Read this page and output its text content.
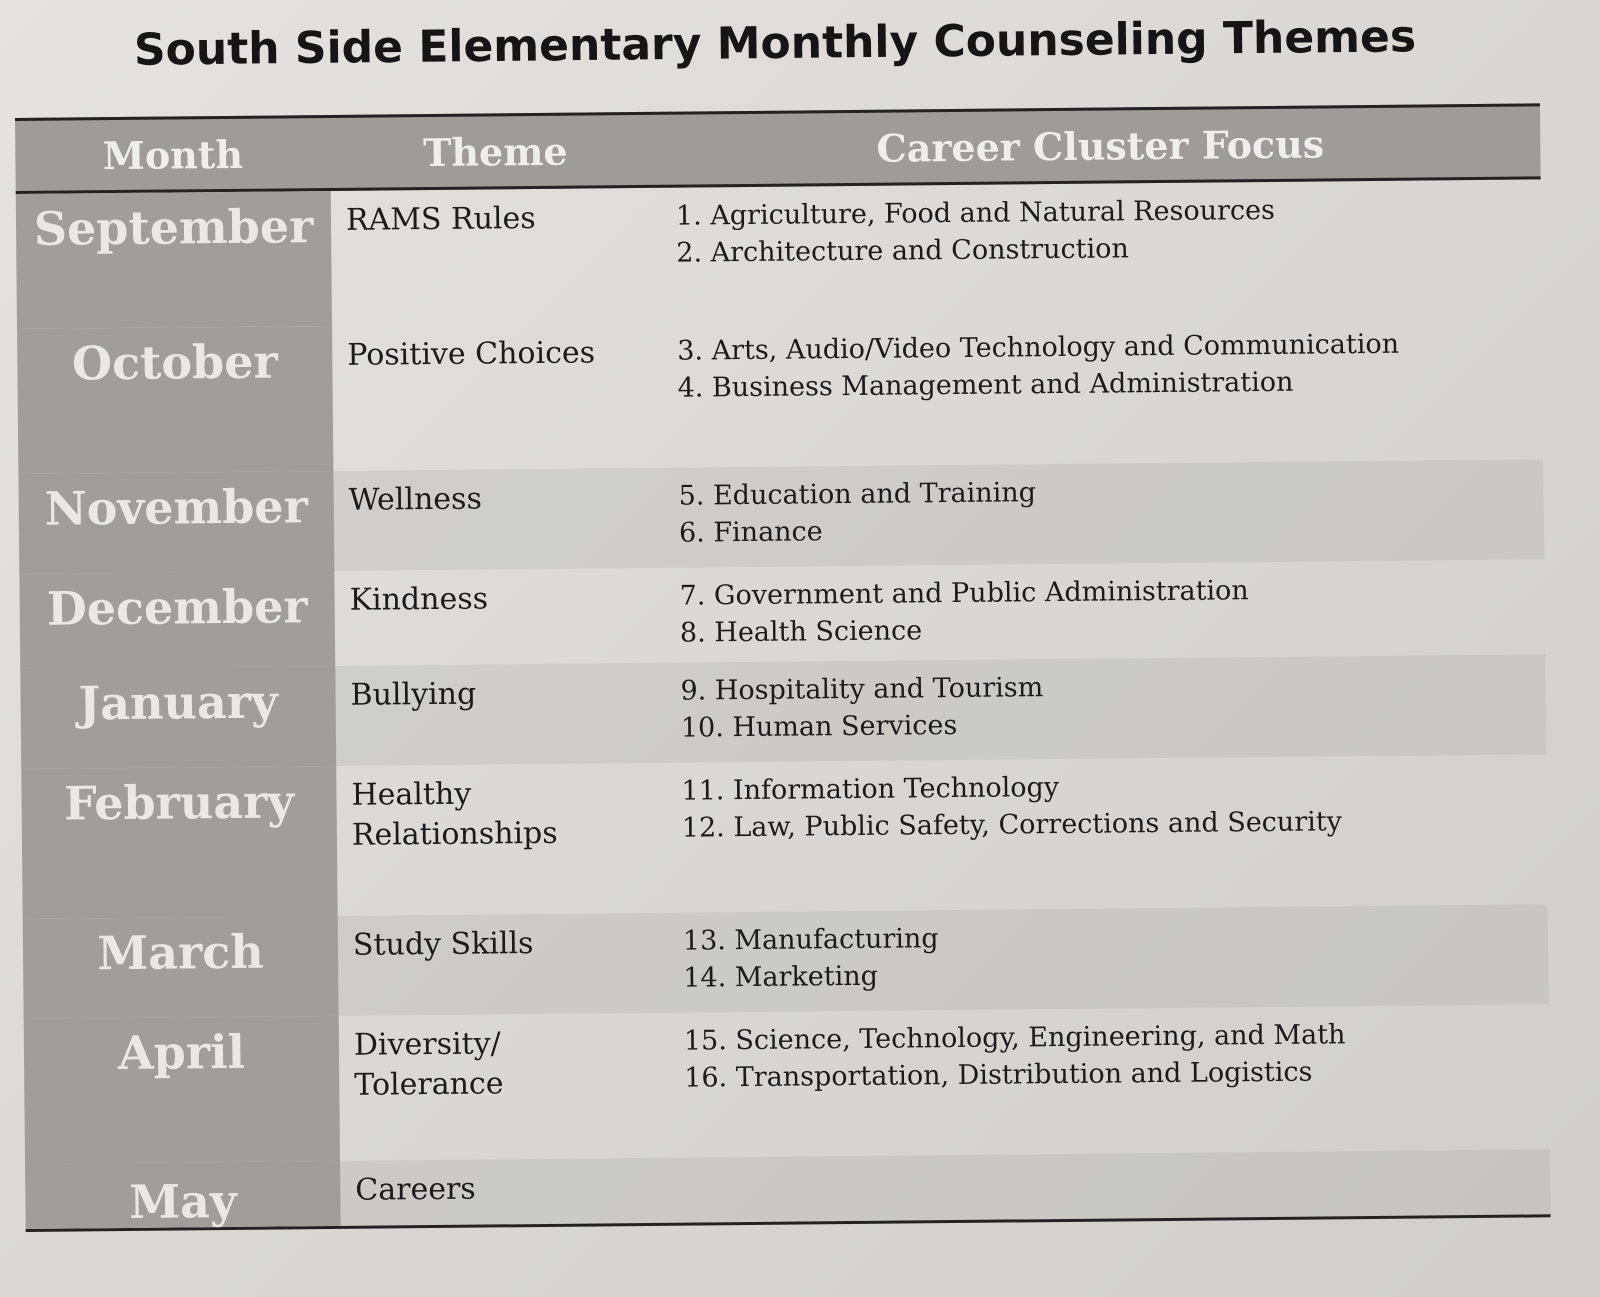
South Side Elementary Monthly Counseling Themes
Month	Theme	Career Cluster Focus
September	RAMS Rules	1. Agriculture, Food and Natural Resources
2. Architecture and Construction
October	Positive Choices	3. Arts, Audio/Video Technology and Communication
4. Business Management and Administration
November	Wellness	5. Education and Training
6. Finance
December	Kindness	7. Government and Public Administration
8. Health Science
January	Bullying	9. Hospitality and Tourism
10. Human Services
February	Healthy Relationships
11. Information Technology
12. Law, Public Safety, Corrections and Security
March	Study Skills	13. Manufacturing
14. Marketing
April	Diversity/ Tolerance
15. Science, Technology, Engineering, and Math
16. Transportation, Distribution and Logistics
May	Careers
